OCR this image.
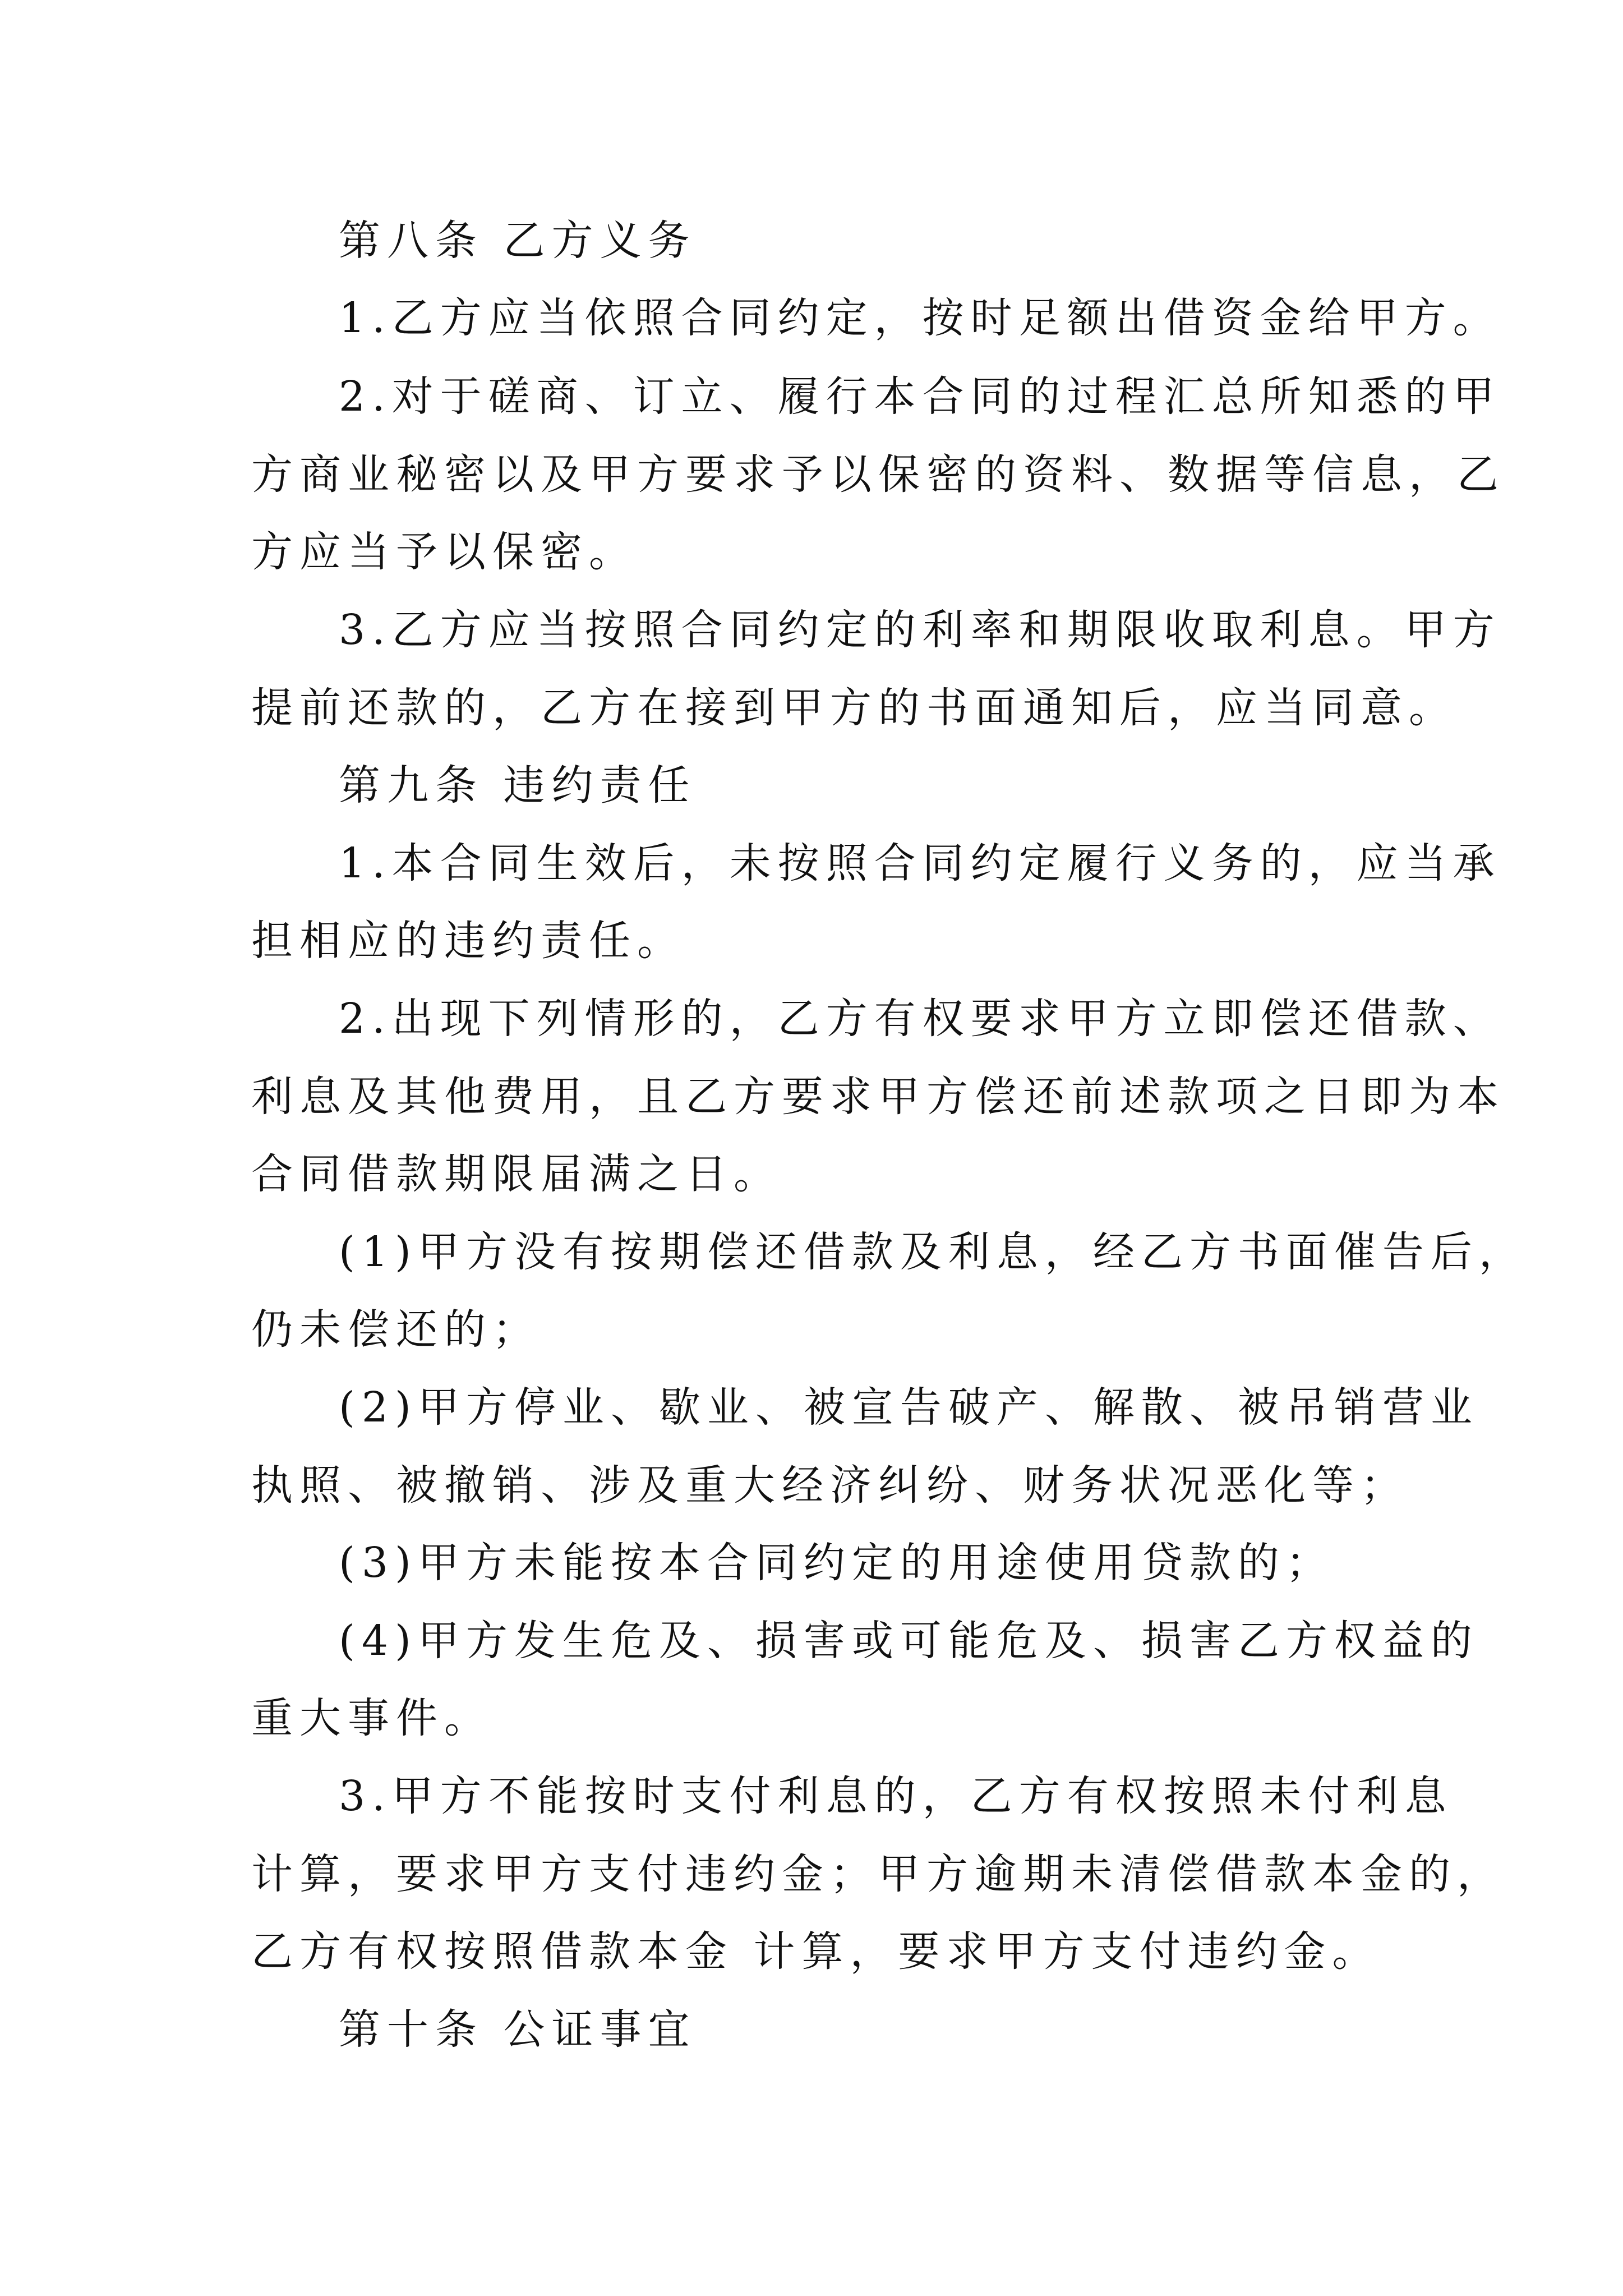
第八条 乙方义务
1.乙方应当依照合同约定，按时足额出借资金给甲方。
2.对于磋商、订立、履行本合同的过程汇总所知悉的甲
方商业秘密以及甲方要求予以保密的资料、数据等信息，乙
方应当予以保密。
3.乙方应当按照合同约定的利率和期限收取利息。甲方
提前还款的，乙方在接到甲方的书面通知后，应当同意。
第九条 违约责任
1.本合同生效后，未按照合同约定履行义务的，应当承
担相应的违约责任。
2.出现下列情形的，乙方有权要求甲方立即偿还借款、
利息及其他费用，且乙方要求甲方偿还前述款项之日即为本
合同借款期限届满之日。
(1)甲方没有按期偿还借款及利息，经乙方书面催告后，
仍未偿还的；
(2)甲方停业、歇业、被宣告破产、解散、被吊销营业
执照、被撤销、涉及重大经济纠纷、财务状况恶化等；
(3)甲方未能按本合同约定的用途使用贷款的；
(4)甲方发生危及、损害或可能危及、损害乙方权益的
重大事件。
3.甲方不能按时支付利息的，乙方有权按照未付利息
计算，要求甲方支付违约金；甲方逾期未清偿借款本金的，
乙方有权按照借款本金 计算，要求甲方支付违约金。
第十条 公证事宜
